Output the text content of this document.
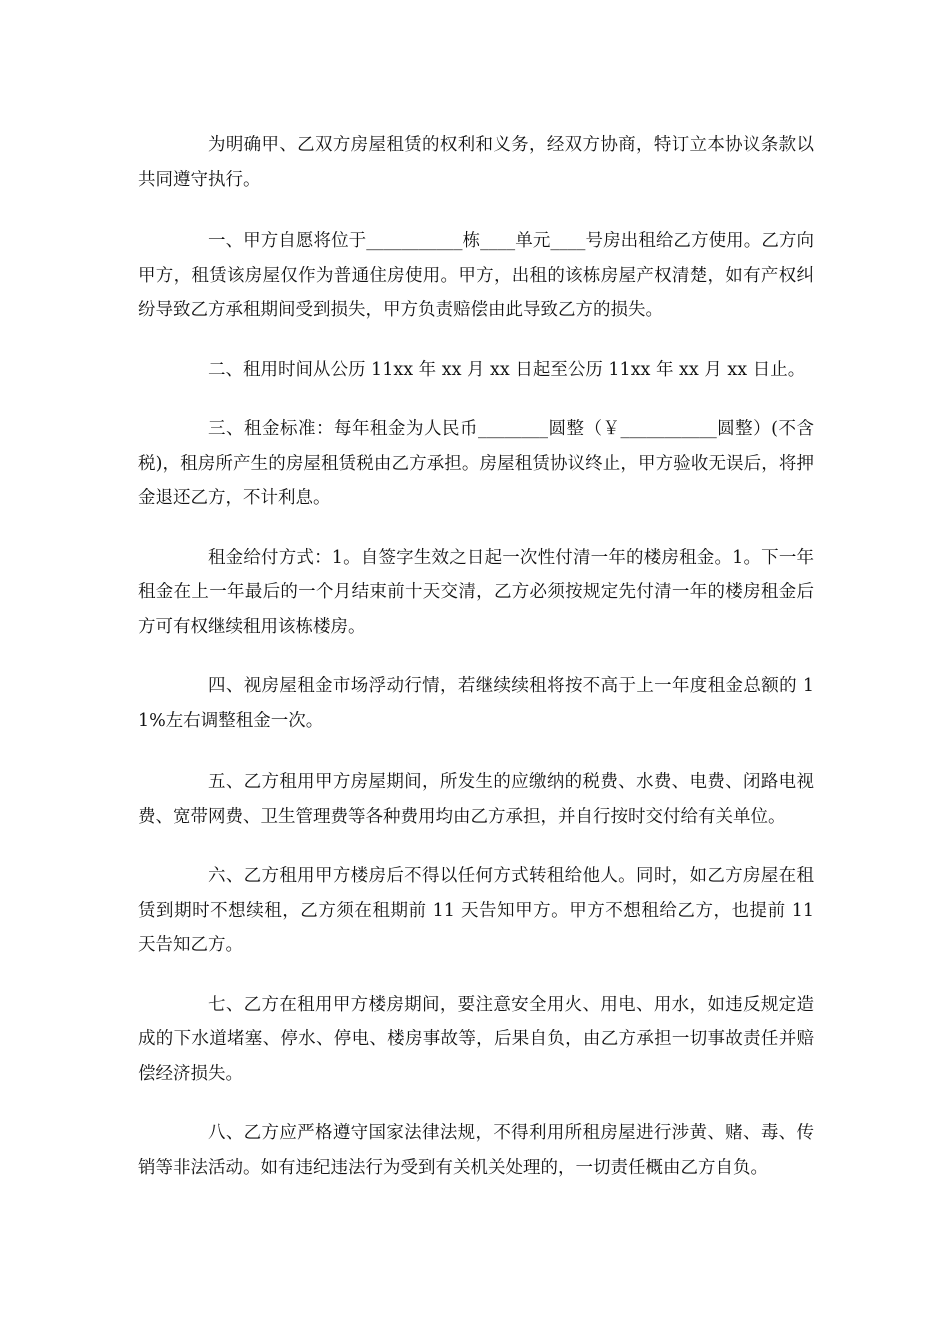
为明确甲、乙双方房屋租赁的权利和义务，经双方协商，特订立本协议条款以共同遵守执行。

一、甲方自愿将位于___________栋____单元____号房出租给乙方使用。乙方向甲方，租赁该房屋仅作为普通住房使用。甲方，出租的该栋房屋产权清楚，如有产权纠纷导致乙方承租期间受到损失，甲方负责赔偿由此导致乙方的损失。

二、租用时间从公历 11xx 年 xx 月 xx 日起至公历 11xx 年 xx 月 xx 日止。

三、租金标准：每年租金为人民币________圆整（￥___________圆整）(不含税)，租房所产生的房屋租赁税由乙方承担。房屋租赁协议终止，甲方验收无误后，将押金退还乙方，不计利息。

租金给付方式：1。自签字生效之日起一次性付清一年的楼房租金。1。下一年租金在上一年最后的一个月结束前十天交清，乙方必须按规定先付清一年的楼房租金后方可有权继续租用该栋楼房。

四、视房屋租金市场浮动行情，若继续续租将按不高于上一年度租金总额的 11%左右调整租金一次。

五、乙方租用甲方房屋期间，所发生的应缴纳的税费、水费、电费、闭路电视费、宽带网费、卫生管理费等各种费用均由乙方承担，并自行按时交付给有关单位。

六、乙方租用甲方楼房后不得以任何方式转租给他人。同时，如乙方房屋在租赁到期时不想续租，乙方须在租期前 11 天告知甲方。甲方不想租给乙方，也提前 11 天告知乙方。

七、乙方在租用甲方楼房期间，要注意安全用火、用电、用水，如违反规定造成的下水道堵塞、停水、停电、楼房事故等，后果自负，由乙方承担一切事故责任并赔偿经济损失。

八、乙方应严格遵守国家法律法规，不得利用所租房屋进行涉黄、赌、毒、传销等非法活动。如有违纪违法行为受到有关机关处理的，一切责任概由乙方自负。
